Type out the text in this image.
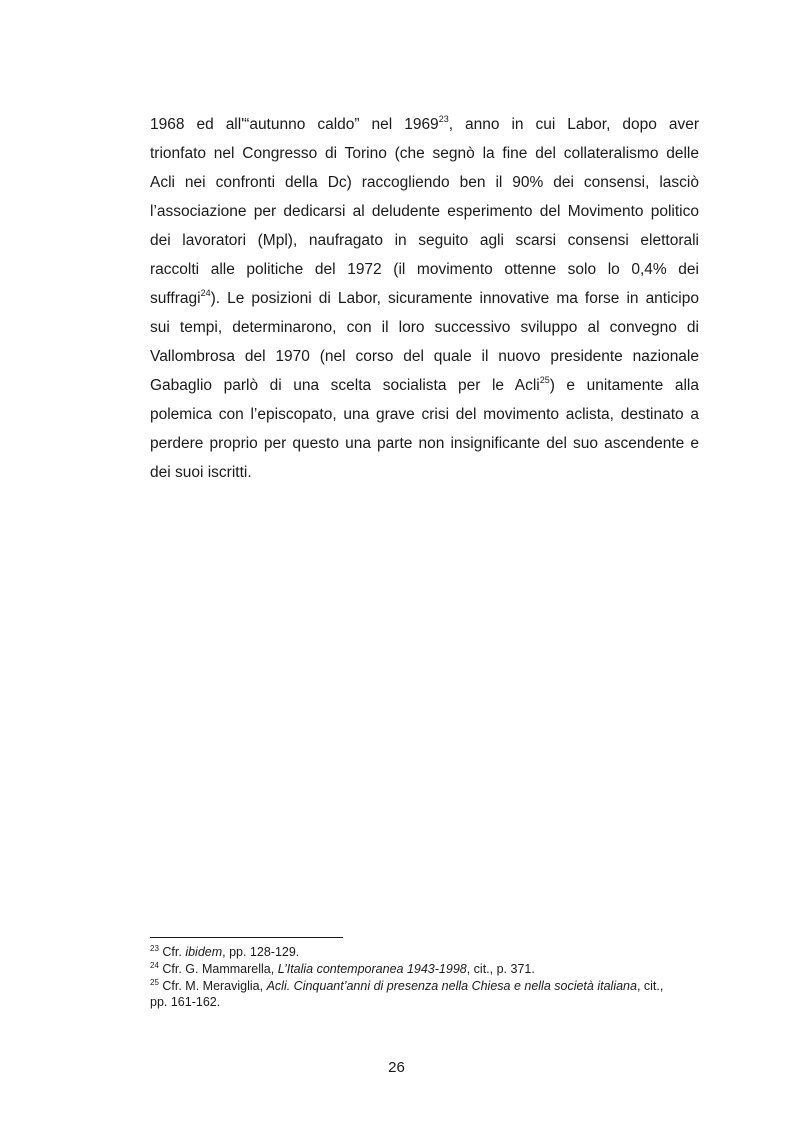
1968 ed all'“autunno caldo” nel 1969$^{23}$, anno in cui Labor, dopo aver
trionfato nel Congresso di Torino (che segnò la fine del collateralismo delle
Acli nei confronti della Dc) raccogliendo ben il 90% dei consensi, lasciò
l’associazione per dedicarsi al deludente esperimento del Movimento politico
dei lavoratori (Mpl), naufragato in seguito agli scarsi consensi elettorali
raccolti alle politiche del 1972 (il movimento ottenne solo lo 0,4% dei
suffragi$^{24}$). Le posizioni di Labor, sicuramente innovative ma forse in anticipo
sui tempi, determinarono, con il loro successivo sviluppo al convegno di
Vallombrosa del 1970 (nel corso del quale il nuovo presidente nazionale
Gabaglio parlò di una scelta socialista per le Acli$^{25}$) e unitamente alla
polemica con l’episcopato, una grave crisi del movimento aclista, destinato a
perdere proprio per questo una parte non insignificante del suo ascendente e
dei suoi iscritti.
$^{23}$ Cfr. ibidem, pp. 128-129.
$^{24}$ Cfr. G. Mammarella, L’Italia contemporanea 1943-1998, cit., p. 371.
$^{25}$ Cfr. M. Meraviglia, Acli. Cinquant’anni di presenza nella Chiesa e nella società italiana, cit.,
pp. 161-162.
26
